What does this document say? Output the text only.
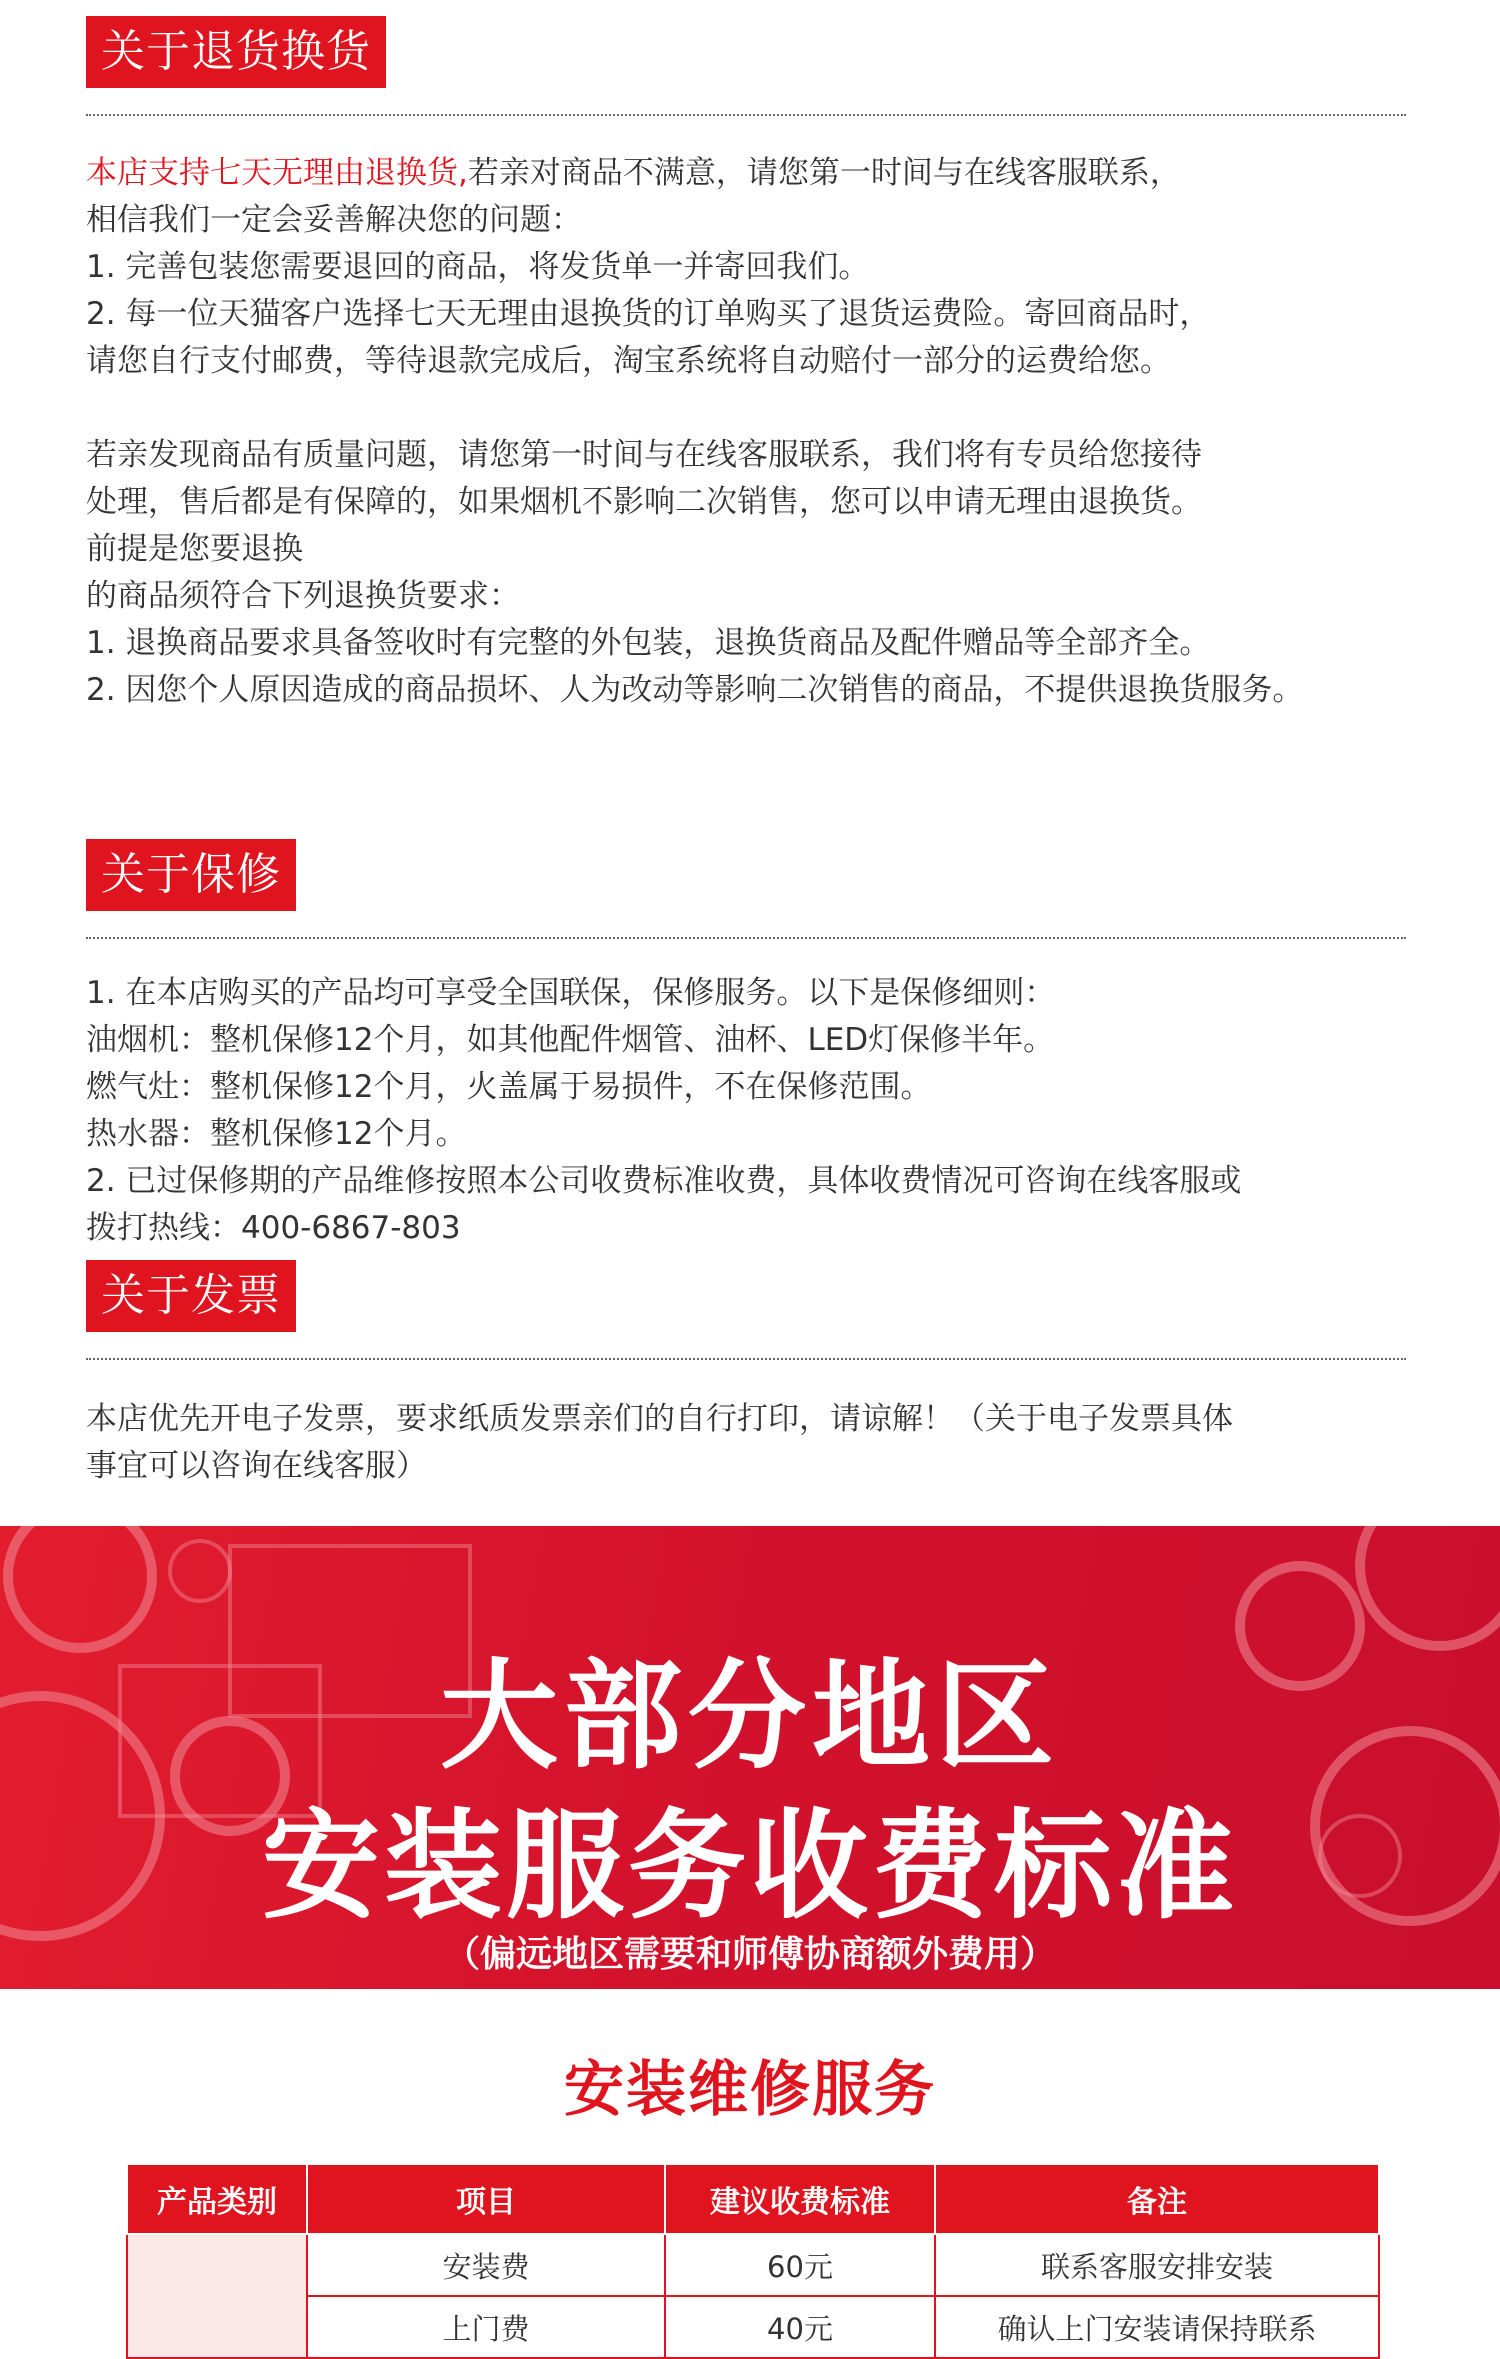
关于退货换货
本店支持七天无理由退换货,若亲对商品不满意，请您第一时间与在线客服联系，
相信我们一定会妥善解决您的问题：
1. 完善包装您需要退回的商品，将发货单一并寄回我们。
2. 每一位天猫客户选择七天无理由退换货的订单购买了退货运费险。寄回商品时，
请您自行支付邮费，等待退款完成后，淘宝系统将自动赔付一部分的运费给您。
若亲发现商品有质量问题，请您第一时间与在线客服联系，我们将有专员给您接待
处理，售后都是有保障的，如果烟机不影响二次销售，您可以申请无理由退换货。
前提是您要退换
的商品须符合下列退换货要求：
1. 退换商品要求具备签收时有完整的外包装，退换货商品及配件赠品等全部齐全。
2. 因您个人原因造成的商品损坏、人为改动等影响二次销售的商品，不提供退换货服务。
关于保修
1. 在本店购买的产品均可享受全国联保，保修服务。以下是保修细则：
油烟机：整机保修12个月，如其他配件烟管、油杯、LED灯保修半年。
燃气灶：整机保修12个月，火盖属于易损件，不在保修范围。
热水器：整机保修12个月。
2. 已过保修期的产品维修按照本公司收费标准收费，具体收费情况可咨询在线客服或
拨打热线：400-6867-803
关于发票
本店优先开电子发票，要求纸质发票亲们的自行打印，请谅解！（关于电子发票具体
事宜可以咨询在线客服）
大部分地区
安装服务收费标准
（偏远地区需要和师傅协商额外费用）
安装维修服务
产品类别	项目	建议收费标准	备注
	安装费	60元	联系客服安排安装
	上门费	40元	确认上门安装请保持联系
